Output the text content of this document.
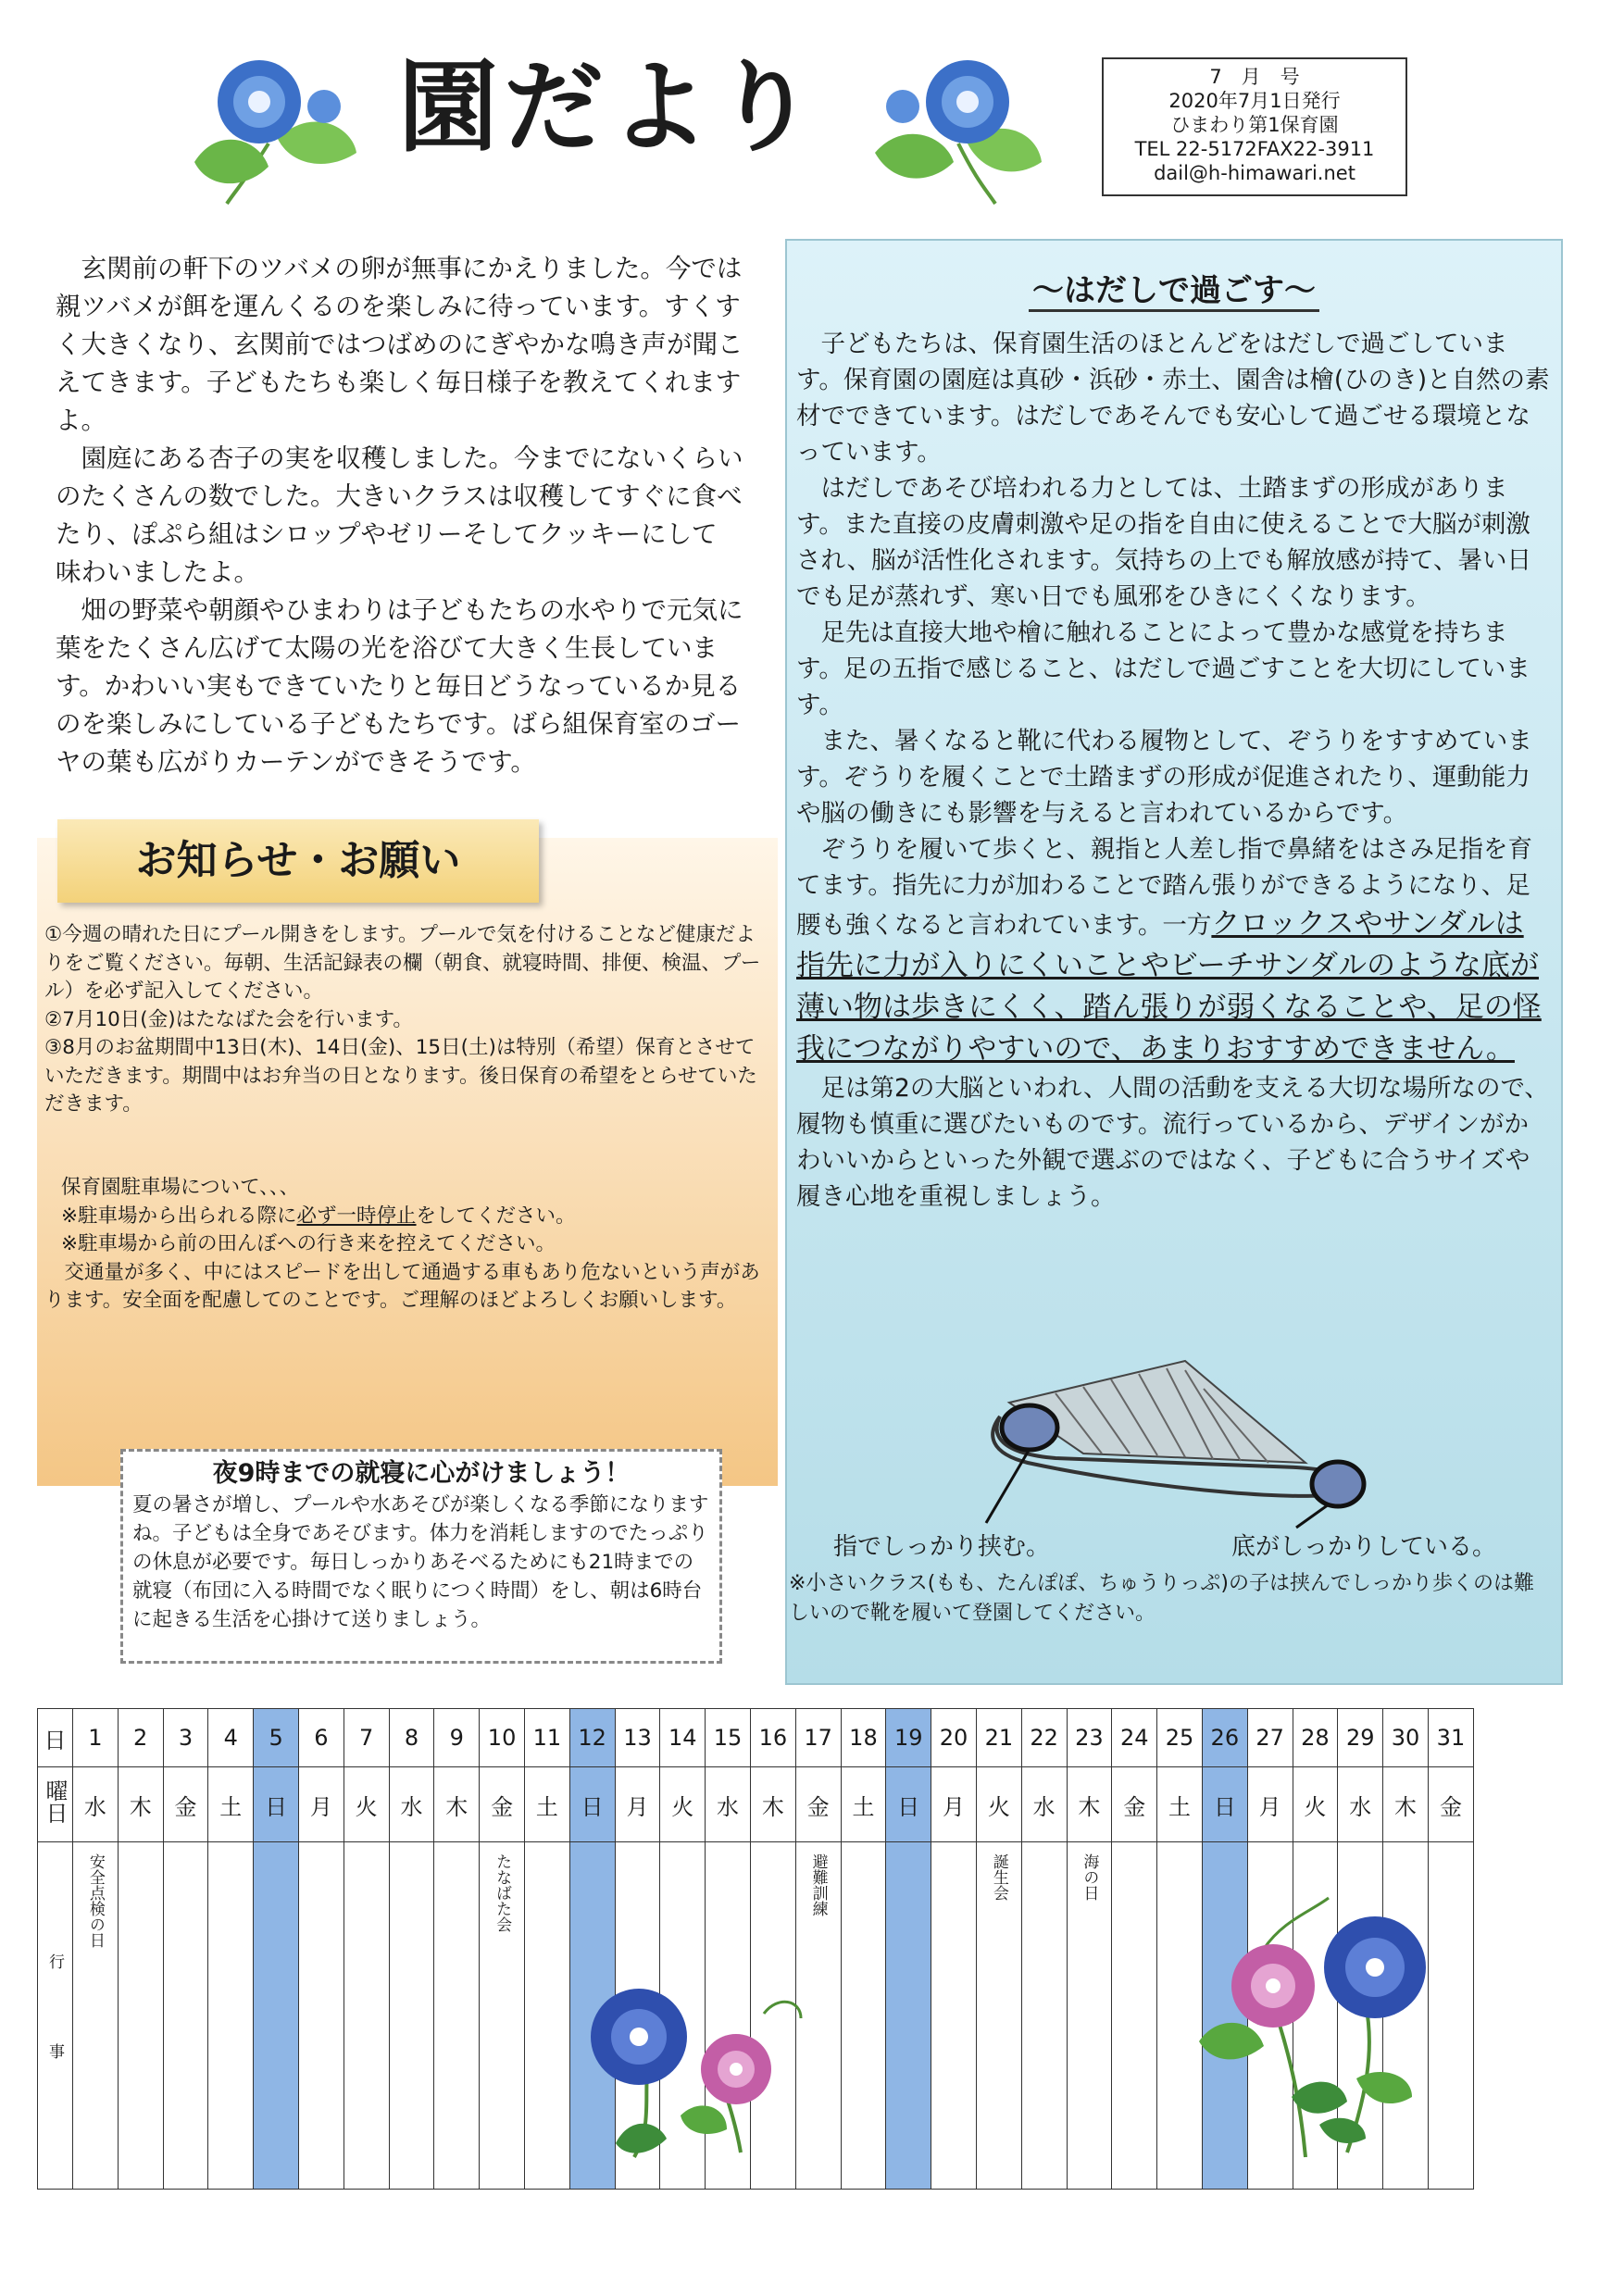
園だより	7　月　号
2020年7月1日発行
ひまわり第1保育園
TEL 22-5172FAX22-3911
dail@h-himawari.net

玄関前の軒下のツバメの卵が無事にかえりました。今では親ツバメが餌を運んくるのを楽しみに待っています。すくすく大きくなり、玄関前ではつばめのにぎやかな鳴き声が聞こえてきます。子どもたちも楽しく毎日様子を教えてくれますよ。

園庭にある杏子の実を収穫しました。今までにないくらいのたくさんの数でした。大きいクラスは収穫してすぐに食べたり、ぽぷら組はシロップやゼリーそしてクッキーにして　味わいましたよ。

畑の野菜や朝顔やひまわりは子どもたちの水やりで元気に葉をたくさん広げて太陽の光を浴びて大きく生長しています。かわいい実もできていたりと毎日どうなっているか見るのを楽しみにしている子どもたちです。ばら組保育室のゴーヤの葉も広がりカーテンができそうです。

お知らせ・お願い

①今週の晴れた日にプール開きをします。プールで気を付けることなど健康だよりをご覧ください。毎朝、生活記録表の欄（朝食、就寝時間、排便、検温、プール）を必ず記入してください。

②7月10日(金)はたなばた会を行います。

③8月のお盆期間中13日(木)、14日(金)、15日(土)は特別（希望）保育とさせていただきます。期間中はお弁当の日となります。後日保育の希望をとらせていただきます。

保育園駐車場について、、、

※駐車場から出られる際に必ず一時停止をしてください。

※駐車場から前の田んぼへの行き来を控えてください。

交通量が多く、中にはスピードを出して通過する車もあり危ないという声があります。安全面を配慮してのことです。ご理解のほどよろしくお願いします。

夜9時までの就寝に心がけましょう！

夏の暑さが増し、プールや水あそびが楽しくなる季節になりますね。子どもは全身であそびます。体力を消耗しますのでたっぷりの休息が必要です。毎日しっかりあそべるためにも21時までの就寝（布団に入る時間でなく眠りにつく時間）をし、朝は6時台に起きる生活を心掛けて送りましょう。

～はだしで過ごす～

子どもたちは、保育園生活のほとんどをはだしで過ごしています。保育園の園庭は真砂・浜砂・赤土、園舎は檜(ひのき)と自然の素材でできています。はだしであそんでも安心して過ごせる環境となっています。

はだしであそび培われる力としては、土踏まずの形成があります。また直接の皮膚刺激や足の指を自由に使えることで大脳が刺激され、脳が活性化されます。気持ちの上でも解放感が持て、暑い日でも足が蒸れず、寒い日でも風邪をひきにくくなります。

足先は直接大地や檜に触れることによって豊かな感覚を持ちます。足の五指で感じること、はだしで過ごすことを大切にしています。

また、暑くなると靴に代わる履物として、ぞうりをすすめています。ぞうりを履くことで土踏まずの形成が促進されたり、運動能力や脳の働きにも影響を与えると言われているからです。

ぞうりを履いて歩くと、親指と人差し指で鼻緒をはさみ足指を育てます。指先に力が加わることで踏ん張りができるようになり、足腰も強くなると言われています。一方クロックスやサンダルは指先に力が入りにくいことやビーチサンダルのような底が薄い物は歩きにくく、踏ん張りが弱くなることや、足の怪我につながりやすいので、あまりおすすめできません。

足は第2の大脳といわれ、人間の活動を支える大切な場所なので、履物も慎重に選びたいものです。流行っているから、デザインがかわいいからといった外観で選ぶのではなく、子どもに合うサイズや履き心地を重視しましょう。

指でしっかり挟む。	底がしっかりしている。
※小さいクラス(もも、たんぽぽ、ちゅうりっぷ)の子は挟んでしっかり歩くのは難しいので靴を履いて登園してください。
日	1	2	3	4	5	6	7	8	9	10	11	12	13	14	15	16	17	18	19	20	21	22	23	24	25	26	27	28	29	30	31
曜日	水	木	金	土	日	月	火	水	木	金	土	日	月	火	水	木	金	土	日	月	火	水	木	金	土	日	月	火	水	木	金
行事	安全点検の日									たなばた会							避難訓練				誕生会		海の日								
